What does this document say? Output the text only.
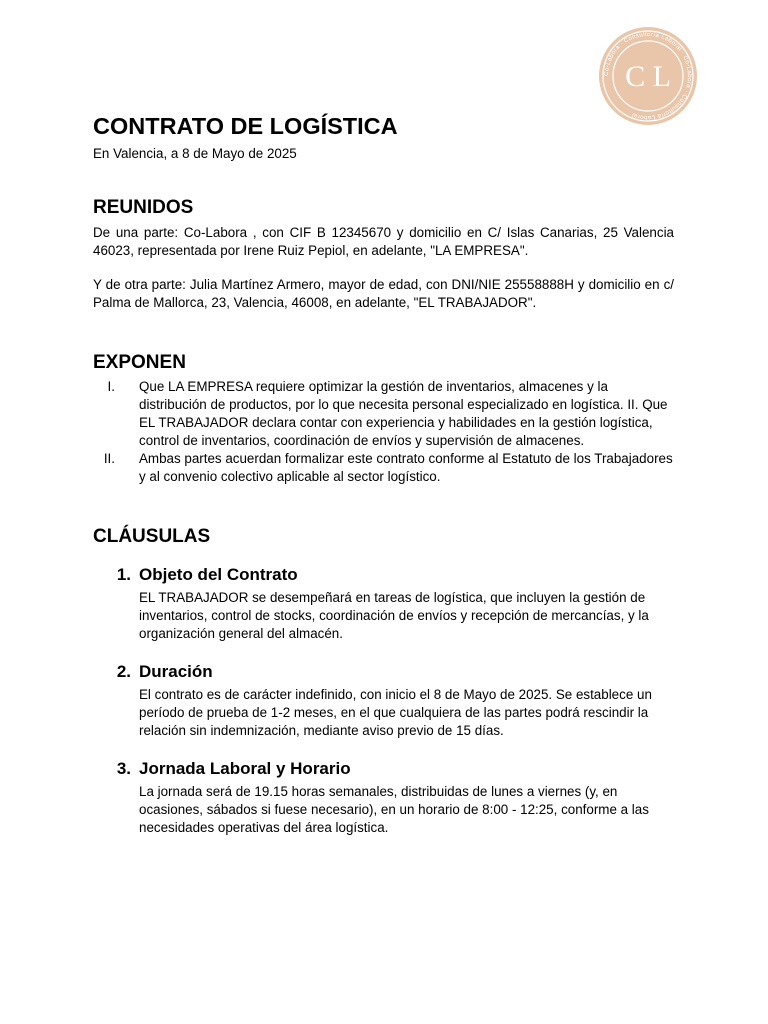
Co-Labora · Consultoría Laboral · Co-Labora · Consultoría Laboral ·
C L
CONTRATO DE LOGÍSTICA

En Valencia, a 8 de Mayo de 2025

REUNIDOS

De una parte: Co-Labora , con CIF B 12345670 y domicilio en C/ Islas Canarias, 25 Valencia 46023, representada por Irene Ruiz Pepiol, en adelante, "LA EMPRESA".

Y de otra parte: Julia Martínez Armero, mayor de edad, con DNI/NIE 25558888H y domicilio en c/ Palma de Mallorca, 23, Valencia, 46008, en adelante, "EL TRABAJADOR".

EXPONEN
I.	Que LA EMPRESA requiere optimizar la gestión de inventarios, almacenes y la distribución de productos, por lo que necesita personal especializado en logística. II. Que EL TRABAJADOR declara contar con experiencia y habilidades en la gestión logística, control de inventarios, coordinación de envíos y supervisión de almacenes.
II.	Ambas partes acuerdan formalizar este contrato conforme al Estatuto de los Trabajadores y al convenio colectivo aplicable al sector logístico.
CLÁUSULAS
1. Objeto del Contrato

EL TRABAJADOR se desempeñará en tareas de logística, que incluyen la gestión de inventarios, control de stocks, coordinación de envíos y recepción de mercancías, y la organización general del almacén.

2. Duración

El contrato es de carácter indefinido, con inicio el 8 de Mayo de 2025. Se establece un período de prueba de 1-2 meses, en el que cualquiera de las partes podrá rescindir la relación sin indemnización, mediante aviso previo de 15 días.

3. Jornada Laboral y Horario

La jornada será de 19.15 horas semanales, distribuidas de lunes a viernes (y, en ocasiones, sábados si fuese necesario), en un horario de 8:00 - 12:25, conforme a las necesidades operativas del área logística.
